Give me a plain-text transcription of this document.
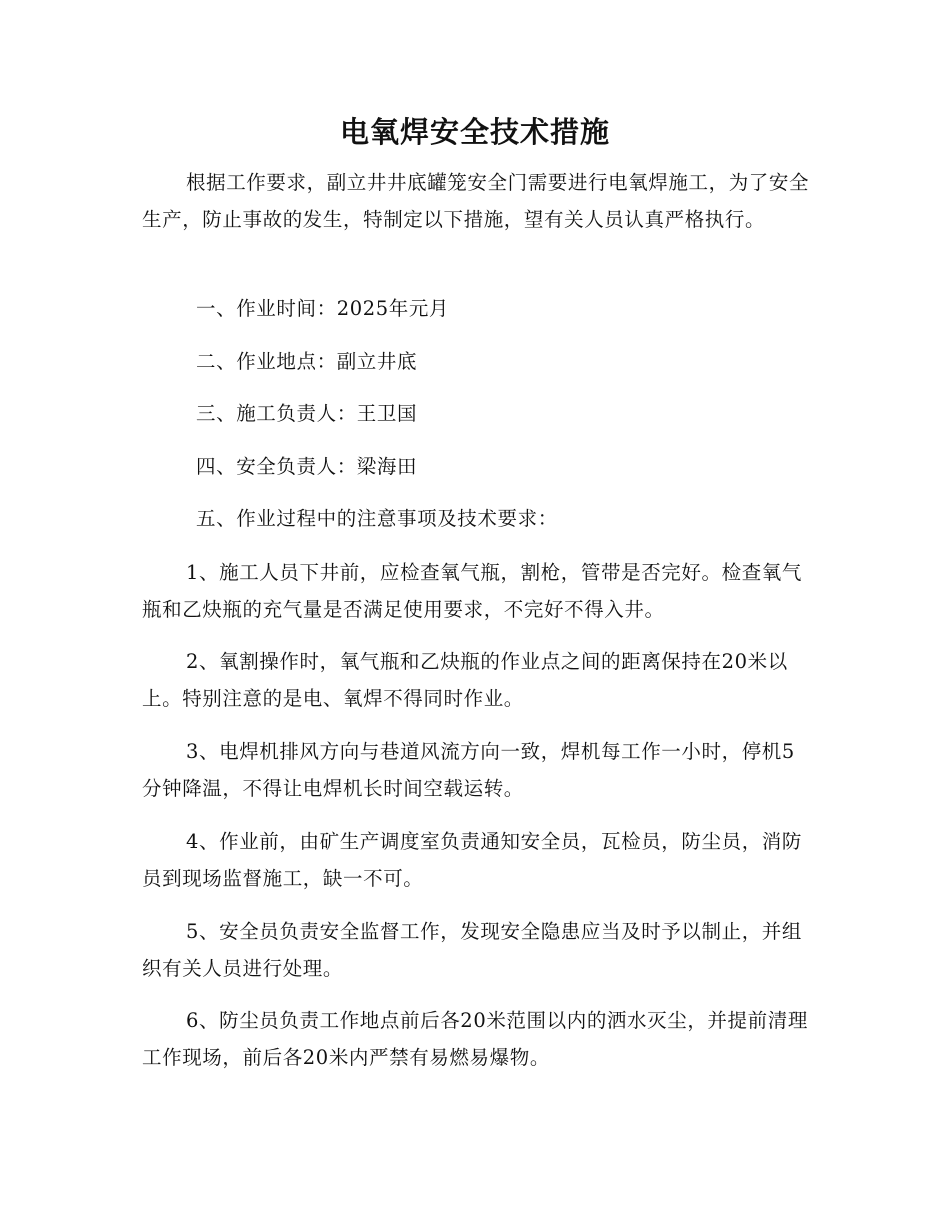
电氧焊安全技术措施

根据工作要求，副立井井底罐笼安全门需要进行电氧焊施工，为了安全生产，防止事故的发生，特制定以下措施，望有关人员认真严格执行。

一、作业时间：2025年元月

二、作业地点：副立井底

三、施工负责人：王卫国

四、安全负责人：梁海田

五、作业过程中的注意事项及技术要求：

1、施工人员下井前，应检查氧气瓶，割枪，管带是否完好。检查氧气瓶和乙炔瓶的充气量是否满足使用要求，不完好不得入井。

2、氧割操作时，氧气瓶和乙炔瓶的作业点之间的距离保持在20米以上。特别注意的是电、氧焊不得同时作业。

3、电焊机排风方向与巷道风流方向一致，焊机每工作一小时，停机5分钟降温，不得让电焊机长时间空载运转。

4、作业前，由矿生产调度室负责通知安全员，瓦检员，防尘员，消防员到现场监督施工，缺一不可。

5、安全员负责安全监督工作，发现安全隐患应当及时予以制止，并组织有关人员进行处理。

6、防尘员负责工作地点前后各20米范围以内的洒水灭尘，并提前清理工作现场，前后各20米内严禁有易燃易爆物。
